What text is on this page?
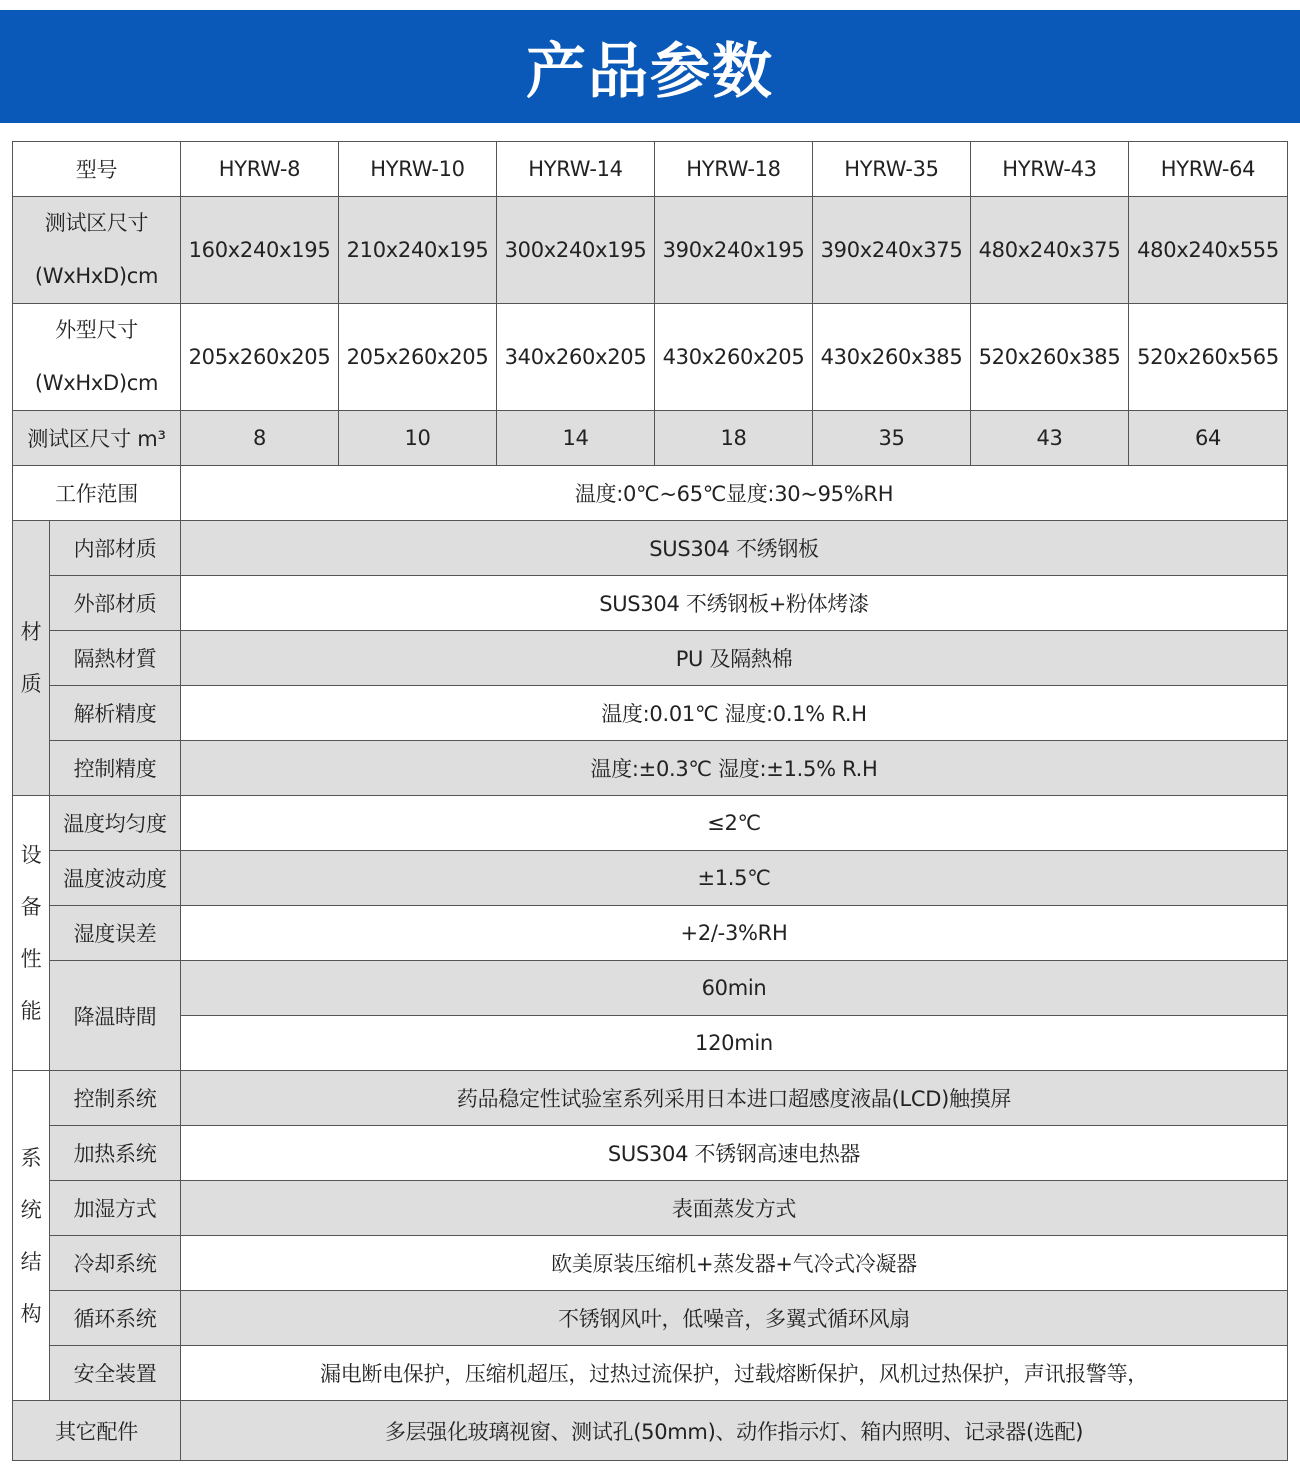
产品参数
型号		HYRW-8	HYRW-10	HYRW-14	HYRW-18	HYRW-35	HYRW-43	HYRW-64

测试区尺寸
(WxHxD)cm		160x240x195	210x240x195	300x240x195	390x240x195	390x240x375	480x240x375	480x240x555

外型尺寸
(WxHxD)cm		205x260x205	205x260x205	340x260x205	430x260x205	430x260x385	520x260x385	520x260x565
测试区尺寸 m³		8	10	14	18	35	43	64
工作范围		温度:0℃~65℃显度:30~95%RH						

材
质	内部材质	SUS304 不绣钢板						
	外部材质	SUS304 不绣钢板+粉体烤漆						
	隔熱材質	PU 及隔熱棉						
	解析精度	温度:0.01℃ 湿度:0.1% R.H						
	控制精度	温度:±0.3℃ 湿度:±1.5% R.H						

设
备
性
能	温度均匀度	≤2℃						
	温度波动度	±1.5℃						
	湿度误差	+2/-3%RH						
	降温時間	60min						
		120min						

系
统
结
构	控制系统	药品稳定性试验室系列采用日本进口超感度液晶(LCD)触摸屏						
	加热系统	SUS304 不锈钢高速电热器						
	加湿方式	表面蒸发方式						
	冷却系统	欧美原装压缩机+蒸发器+气冷式冷凝器						
	循环系统	不锈钢风叶，低噪音，多翼式循环风扇						
	安全装置	漏电断电保护，压缩机超压，过热过流保护，过载熔断保护，风机过热保护，声讯报警等，						
其它配件		多层强化玻璃视窗、测试孔(50mm)、动作指示灯、箱内照明、记录器(选配)						
